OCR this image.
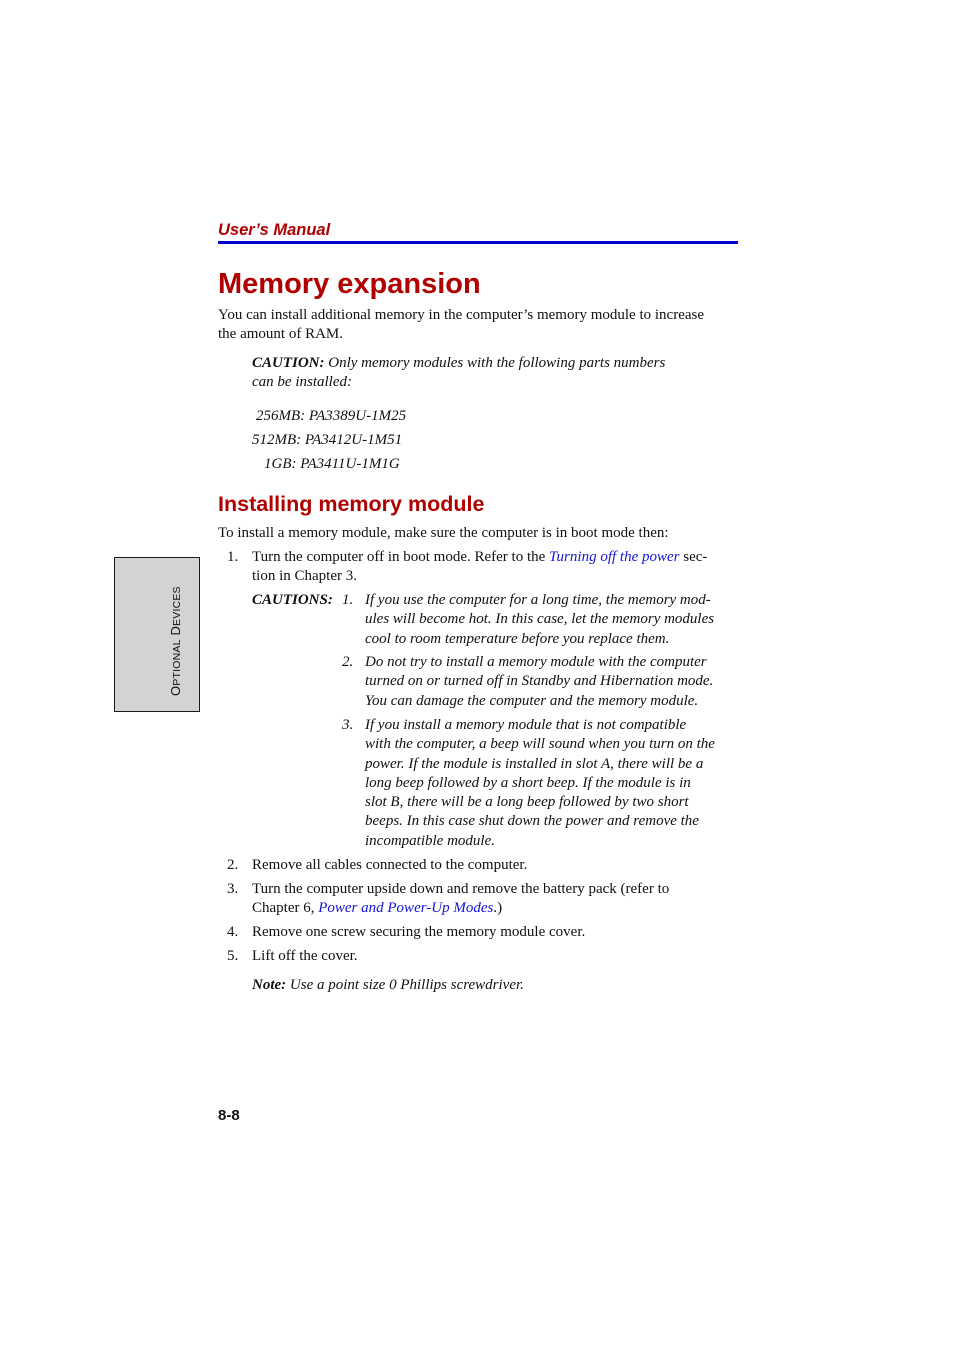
User’s Manual
Memory expansion
You can install additional memory in the computer’s memory module to increase
the amount of RAM.
CAUTION: Only memory modules with the following parts numbers
can be installed:
256MB: PA3389U-1M25
512MB: PA3412U-1M51
1GB: PA3411U-1M1G
Installing memory module
To install a memory module, make sure the computer is in boot mode then:
1. Turn the computer off in boot mode. Refer to the Turning off the power sec-
tion in Chapter 3.
CAUTIONS: 1. If you use the computer for a long time, the memory mod-
ules will become hot. In this case, let the memory modules
cool to room temperature before you replace them.
2. Do not try to install a memory module with the computer
turned on or turned off in Standby and Hibernation mode.
You can damage the computer and the memory module.
3. If you install a memory module that is not compatible
with the computer, a beep will sound when you turn on the
power. If the module is installed in slot A, there will be a
long beep followed by a short beep. If the module is in
slot B, there will be a long beep followed by two short
beeps. In this case shut down the power and remove the
incompatible module.
2. Remove all cables connected to the computer.
3. Turn the computer upside down and remove the battery pack (refer to
Chapter 6, Power and Power-Up Modes.)
4. Remove one screw securing the memory module cover.
5. Lift off the cover.
Note: Use a point size 0 Phillips screwdriver.
OPTIONAL DEVICES
8-8
